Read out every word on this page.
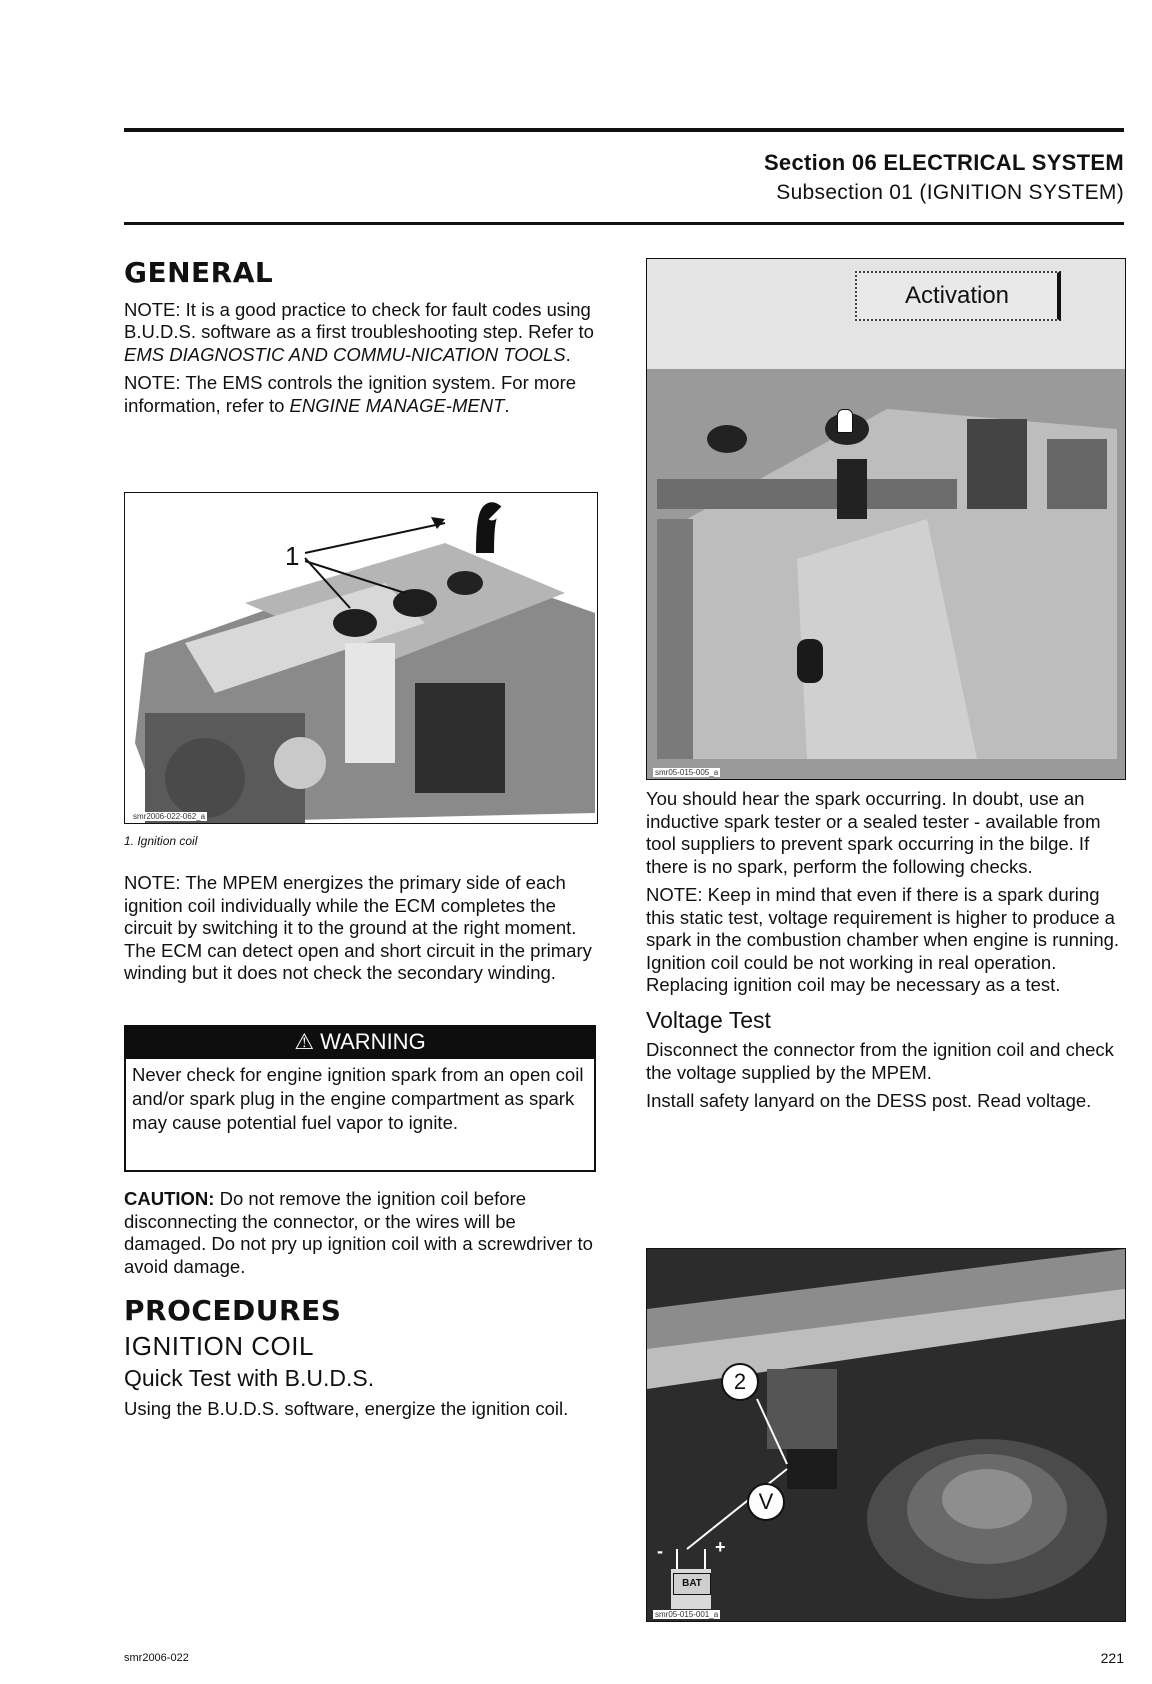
Section 06 ELECTRICAL SYSTEM
Subsection 01 (IGNITION SYSTEM)
GENERAL

NOTE: It is a good practice to check for fault codes using B.U.D.S. software as a first troubleshooting step. Refer to EMS DIAGNOSTIC AND COMMU-NICATION TOOLS.

NOTE: The EMS controls the ignition system. For more information, refer to ENGINE MANAGE-MENT.

1
smr2006-022-062_a
1. Ignition coil

NOTE: The MPEM energizes the primary side of each ignition coil individually while the ECM completes the circuit by switching it to the ground at the right moment. The ECM can detect open and short circuit in the primary winding but it does not check the secondary winding.

⚠ WARNING
Never check for engine ignition spark from an open coil and/or spark plug in the engine compartment as spark may cause potential fuel vapor to ignite.

CAUTION: Do not remove the ignition coil before disconnecting the connector, or the wires will be damaged. Do not pry up ignition coil with a screwdriver to avoid damage.

PROCEDURES
IGNITION COIL
Quick Test with B.U.D.S.

Using the B.U.D.S. software, energize the ignition coil.

Activation
smr05-015-005_a

You should hear the spark occurring. In doubt, use an inductive spark tester or a sealed tester - available from tool suppliers to prevent spark occurring in the bilge. If there is no spark, perform the following checks.

NOTE: Keep in mind that even if there is a spark during this static test, voltage requirement is higher to produce a spark in the combustion chamber when engine is running. Ignition coil could be not working in real operation. Replacing ignition coil may be necessary as a test.

Voltage Test

Disconnect the connector from the ignition coil and check the voltage supplied by the MPEM.

Install safety lanyard on the DESS post. Read voltage.

2
V
-	+
BAT
smr05-015-001_a
smr2006-022	221
